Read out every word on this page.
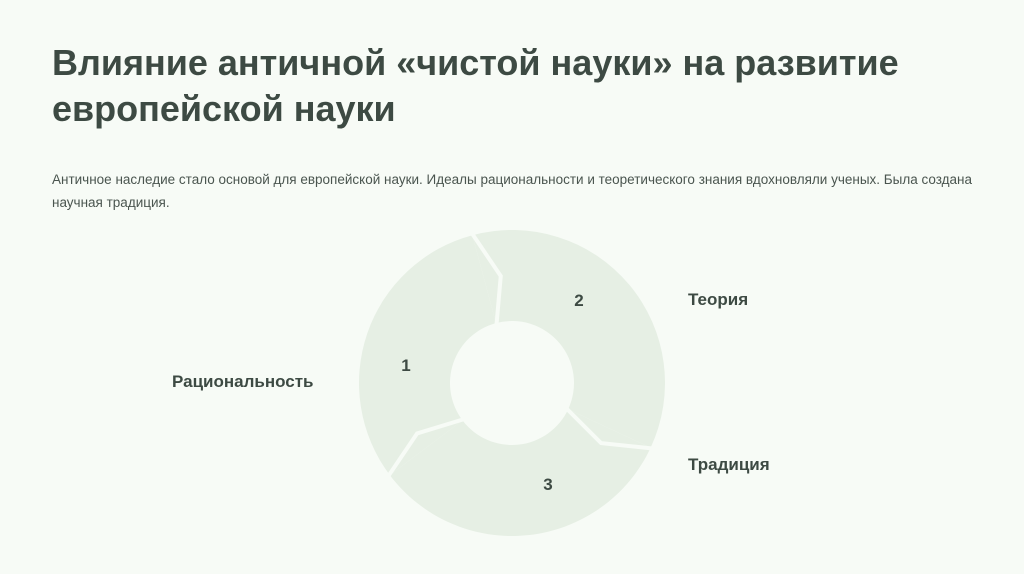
Влияние античной «чистой науки» на развитие европейской науки

Античное наследие стало основой для европейской науки. Идеалы рациональности и теоретического знания вдохновляли ученых. Была создана научная традиция.

1
2
3
Рациональность
Теория
Традиция
